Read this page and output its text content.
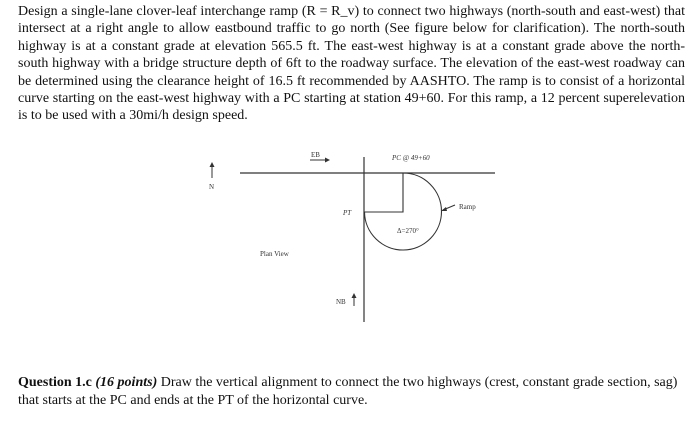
Design a single-lane clover-leaf interchange ramp (R = R_v) to connect two highways (north-south and east-west) that
intersect at a right angle to allow eastbound traffic to go north (See figure below for clarification). The north-south
highway is at a constant grade at elevation 565.5 ft. The east-west highway is at a constant grade above the north-
south highway with a bridge structure depth of 6ft to the roadway surface. The elevation of the east-west roadway can
be determined using the clearance height of 16.5 ft recommended by AASHTO. The ramp is to consist of a horizontal
curve starting on the east-west highway with a PC starting at station 49+60. For this ramp, a 12 percent superelevation
is to be used with a 30mi/h design speed.
EB	PC @ 49+60
N
Ramp
PT
Δ=270°
Plan View
NB
Question 1.c (16 points) Draw the vertical alignment to connect the two highways (crest, constant grade section, sag)
that starts at the PC and ends at the PT of the horizontal curve.
